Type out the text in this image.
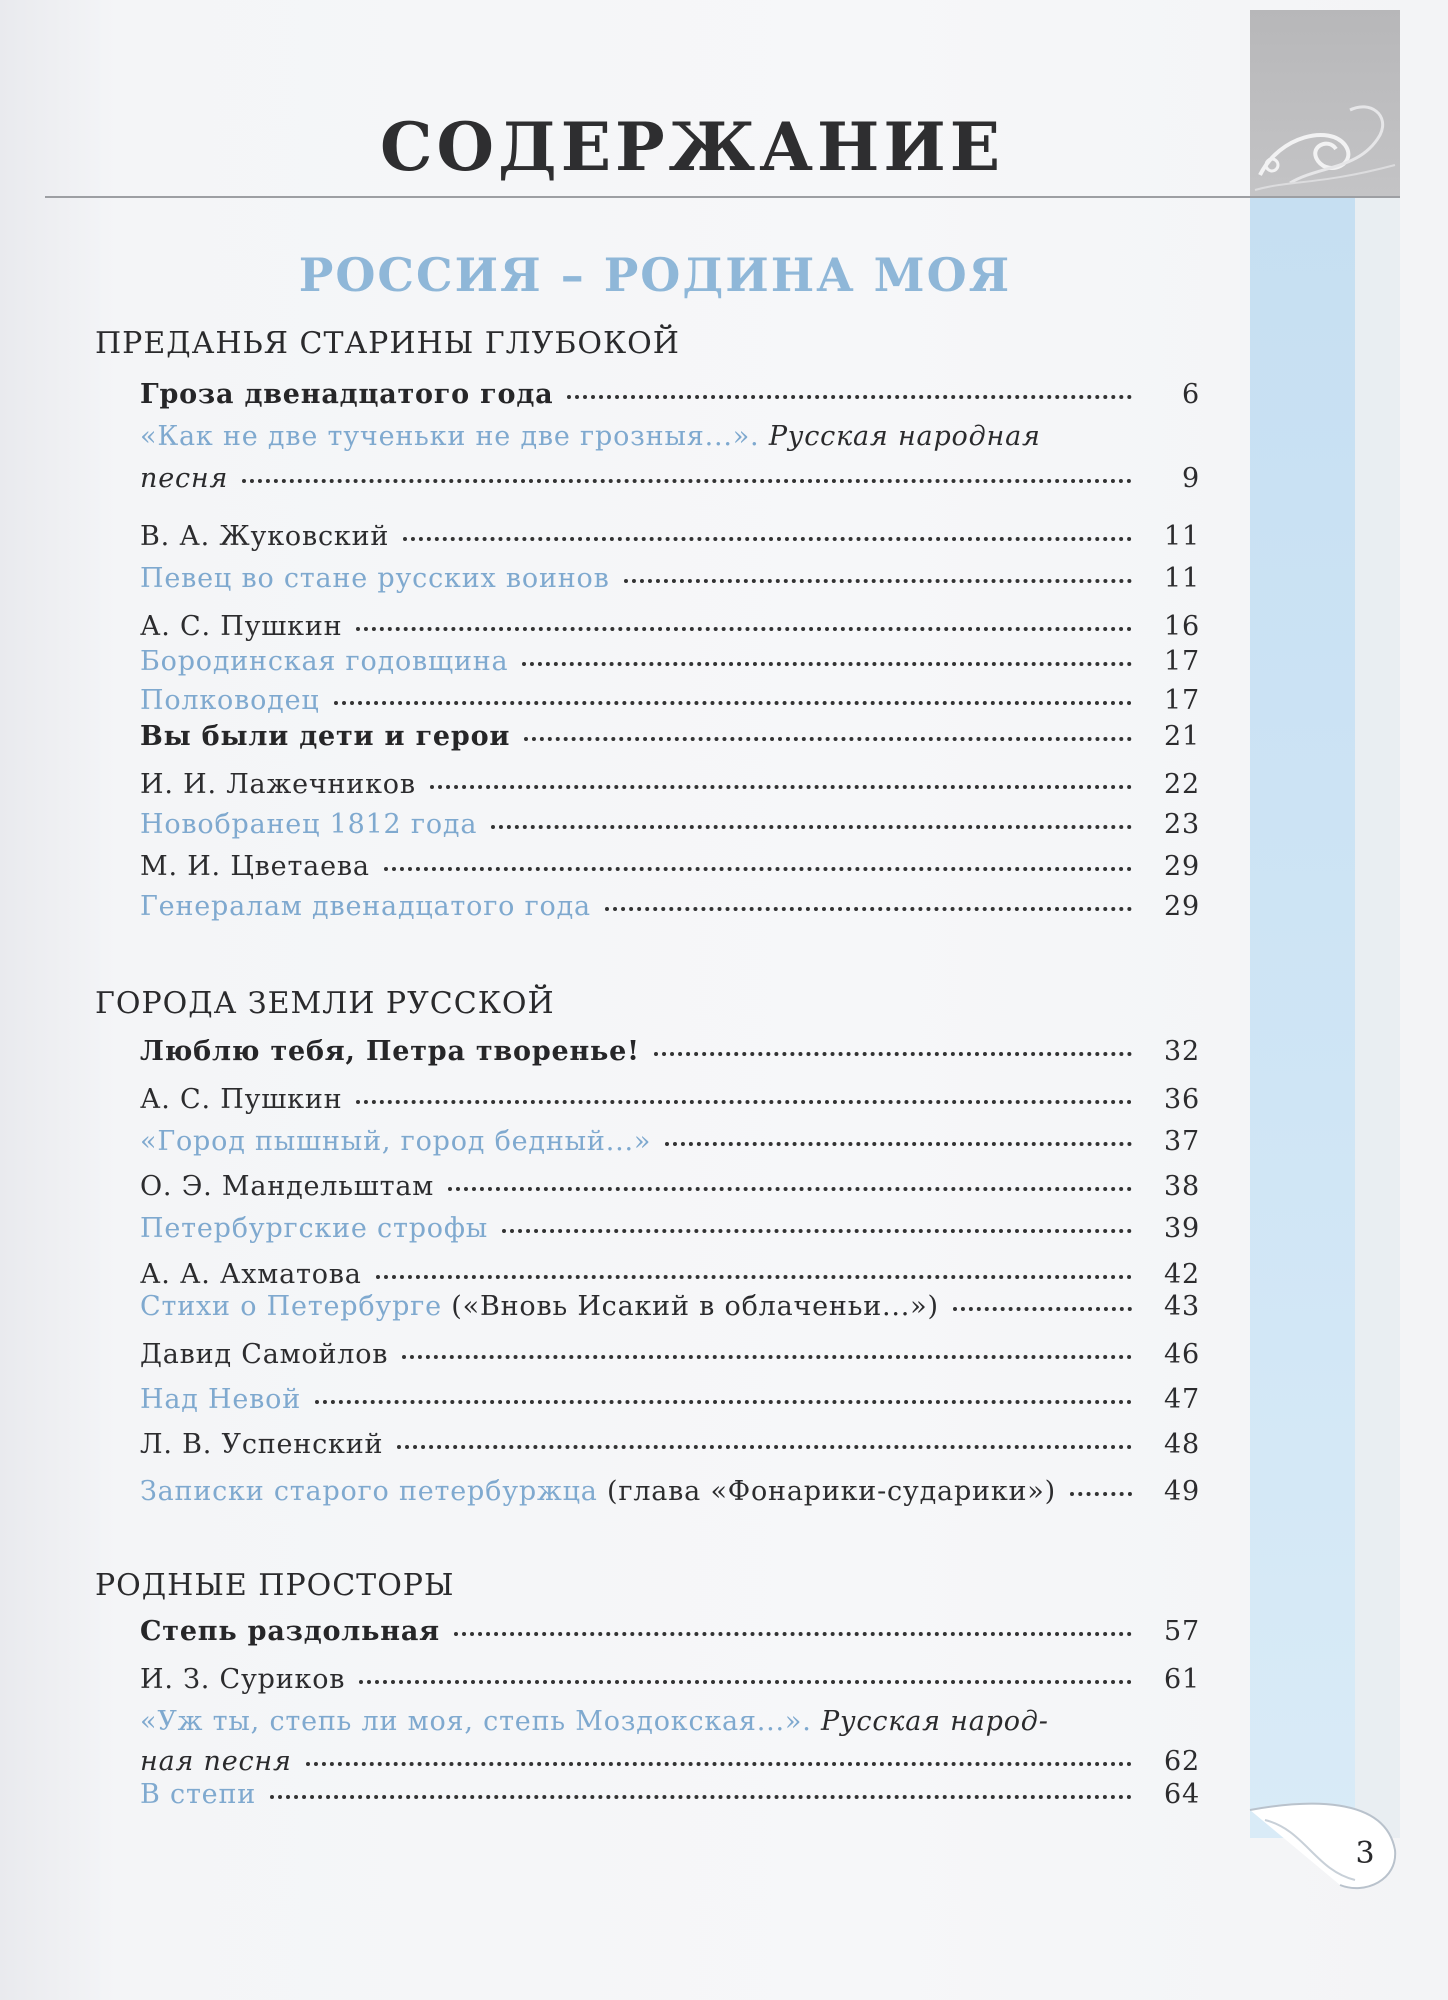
СОДЕРЖАНИЕ
РОССИЯ – РОДИНА МОЯ
ПРЕДАНЬЯ СТАРИНЫ ГЛУБОКОЙ
Гроза двенадцатого года	6
«Как не две тученьки не две грозныя...». Русская народная
песня	9
В. А. Жуковский	11
Певец во стане русских воинов	11
А. С. Пушкин	16
Бородинская годовщина	17
Полководец	17
Вы были дети и герои	21
И. И. Лажечников	22
Новобранец 1812 года	23
М. И. Цветаева	29
Генералам двенадцатого года	29
ГОРОДА ЗЕМЛИ РУССКОЙ
Люблю тебя, Петра творенье!	32
А. С. Пушкин	36
«Город пышный, город бедный...»	37
О. Э. Мандельштам	38
Петербургские строфы	39
А. А. Ахматова	42
Стихи о Петербурге («Вновь Исакий в облаченьи...»)	43
Давид Самойлов	46
Над Невой	47
Л. В. Успенский	48
Записки старого петербуржца (глава «Фонарики-сударики»)	49
РОДНЫЕ ПРОСТОРЫ
Степь раздольная	57
И. З. Суриков	61
«Уж ты, степь ли моя, степь Моздокская...». Русская народ-
ная песня	62
В степи	64
3
